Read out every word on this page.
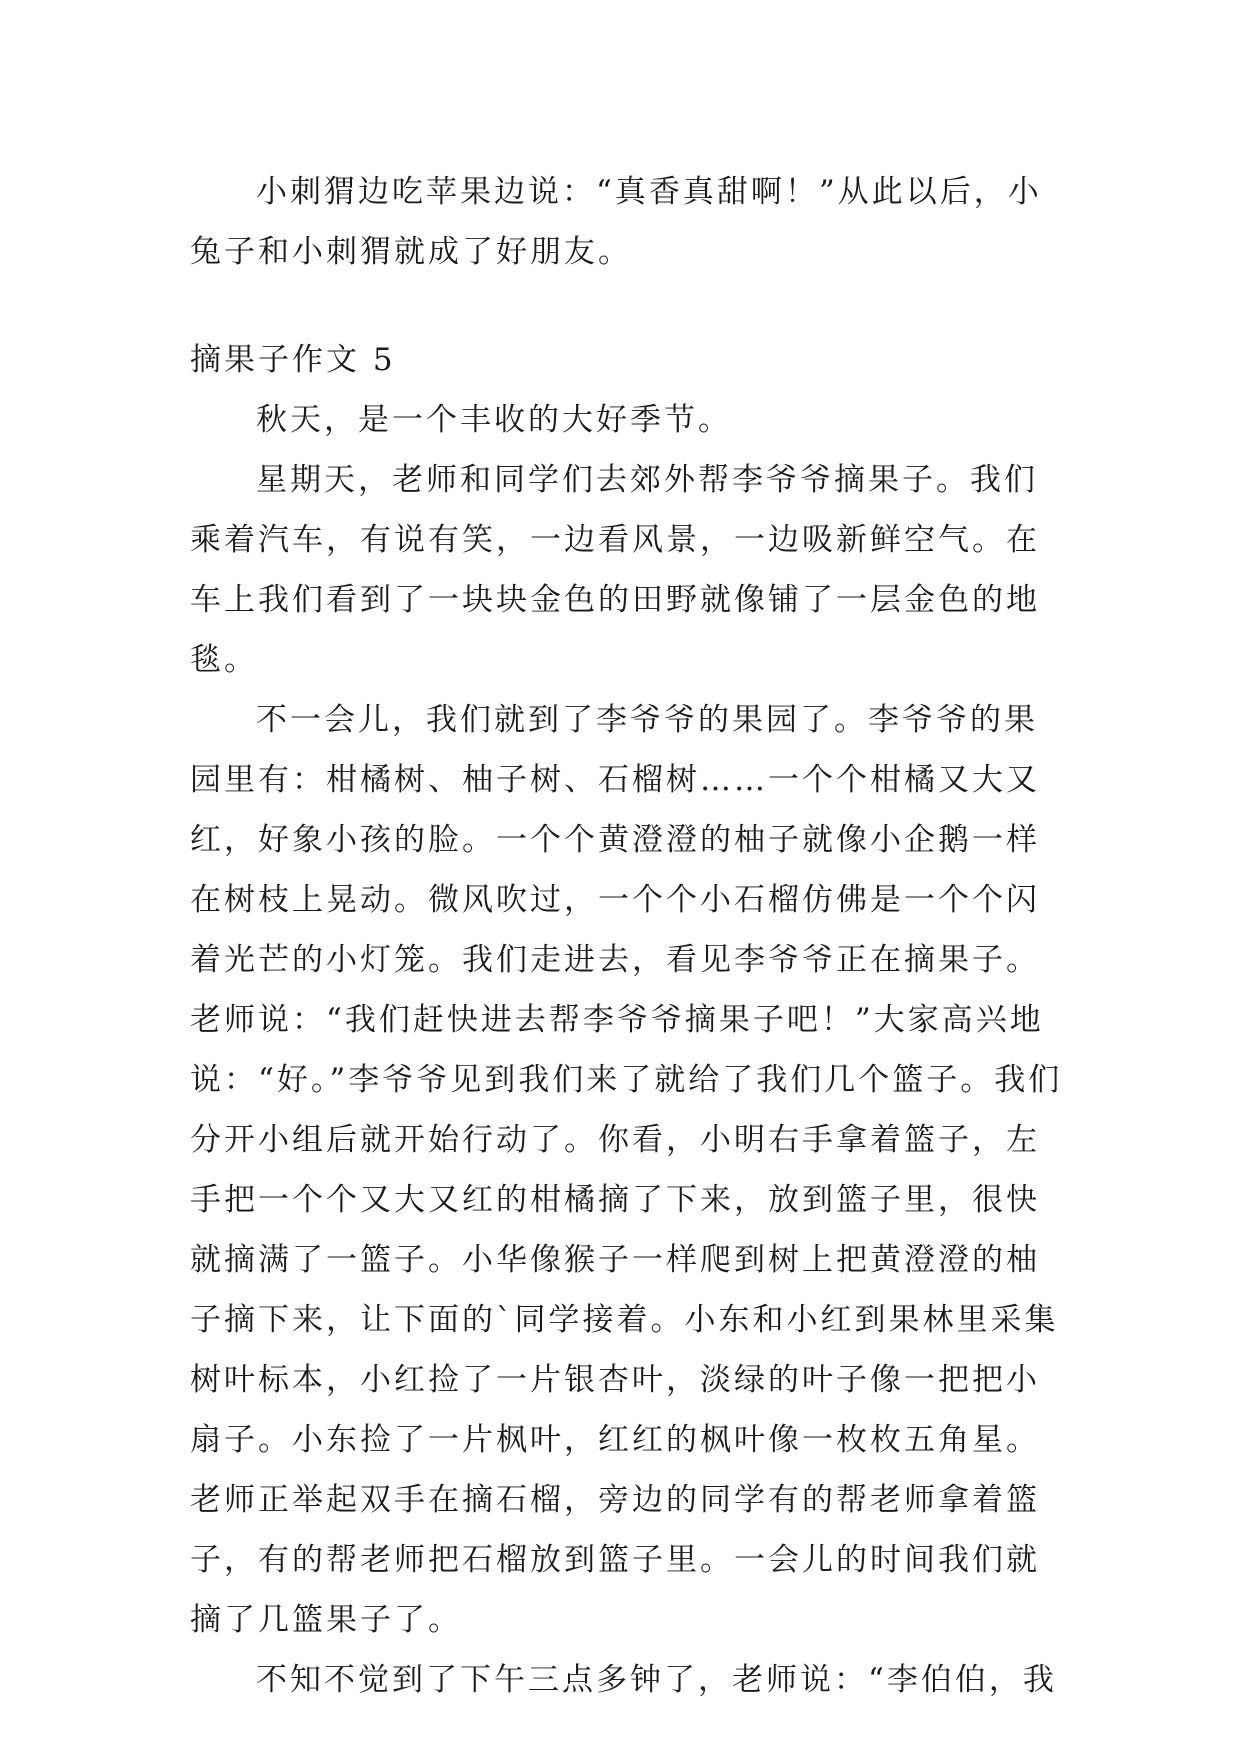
小刺猬边吃苹果边说：“真香真甜啊！”从此以后，小兔子和小刺猬就成了好朋友。

摘果子作文 5

秋天，是一个丰收的大好季节。

星期天，老师和同学们去郊外帮李爷爷摘果子。我们乘着汽车，有说有笑，一边看风景，一边吸新鲜空气。在车上我们看到了一块块金色的田野就像铺了一层金色的地毯。

不一会儿，我们就到了李爷爷的果园了。李爷爷的果园里有：柑橘树、柚子树、石榴树……一个个柑橘又大又红，好象小孩的脸。一个个黄澄澄的柚子就像小企鹅一样在树枝上晃动。微风吹过，一个个小石榴仿佛是一个个闪着光芒的小灯笼。我们走进去，看见李爷爷正在摘果子。老师说：“我们赶快进去帮李爷爷摘果子吧！”大家高兴地说：“好。”李爷爷见到我们来了就给了我们几个篮子。我们分开小组后就开始行动了。你看，小明右手拿着篮子，左手把一个个又大又红的柑橘摘了下来，放到篮子里，很快就摘满了一篮子。小华像猴子一样爬到树上把黄澄澄的柚子摘下来，让下面的`同学接着。小东和小红到果林里采集树叶标本，小红捡了一片银杏叶，淡绿的叶子像一把把小扇子。小东捡了一片枫叶，红红的枫叶像一枚枚五角星。老师正举起双手在摘石榴，旁边的同学有的帮老师拿着篮子，有的帮老师把石榴放到篮子里。一会儿的时间我们就摘了几篮果子了。

不知不觉到了下午三点多钟了，老师说：“李伯伯，我
